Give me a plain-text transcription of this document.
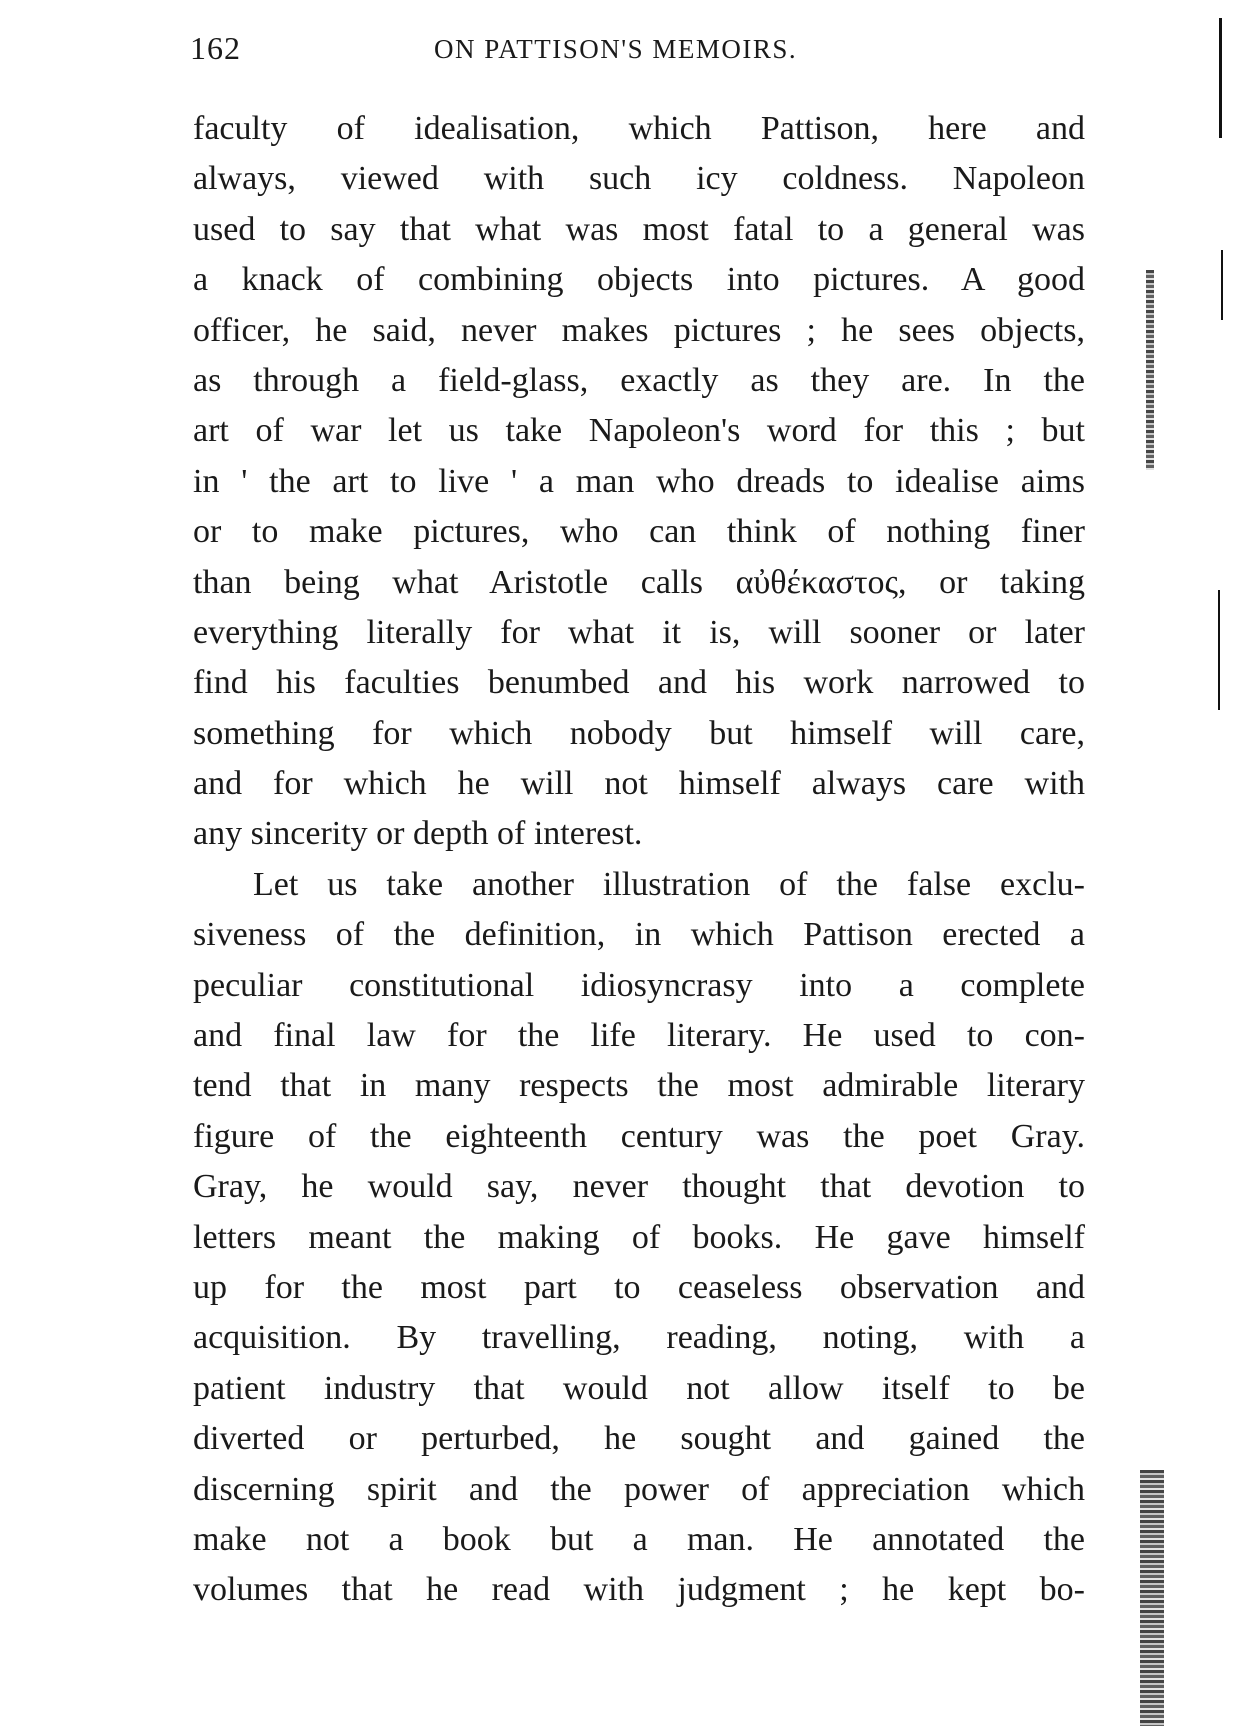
162	ON PATTISON'S MEMOIRS.
faculty of idealisation, which Pattison, here and
always, viewed with such icy coldness. Napoleon
used to say that what was most fatal to a general was
a knack of combining objects into pictures. A good
officer, he said, never makes pictures ; he sees objects,
as through a field-glass, exactly as they are. In the
art of war let us take Napoleon's word for this ; but
in ' the art to live ' a man who dreads to idealise aims
or to make pictures, who can think of nothing finer
than being what Aristotle calls αὐθέκαστος, or taking
everything literally for what it is, will sooner or later
find his faculties benumbed and his work narrowed to
something for which nobody but himself will care,
and for which he will not himself always care with
any sincerity or depth of interest.
Let us take another illustration of the false exclu-
siveness of the definition, in which Pattison erected a
peculiar constitutional idiosyncrasy into a complete
and final law for the life literary. He used to con-
tend that in many respects the most admirable literary
figure of the eighteenth century was the poet Gray.
Gray, he would say, never thought that devotion to
letters meant the making of books. He gave himself
up for the most part to ceaseless observation and
acquisition. By travelling, reading, noting, with a
patient industry that would not allow itself to be
diverted or perturbed, he sought and gained the
discerning spirit and the power of appreciation which
make not a book but a man. He annotated the
volumes that he read with judgment ; he kept bo-
